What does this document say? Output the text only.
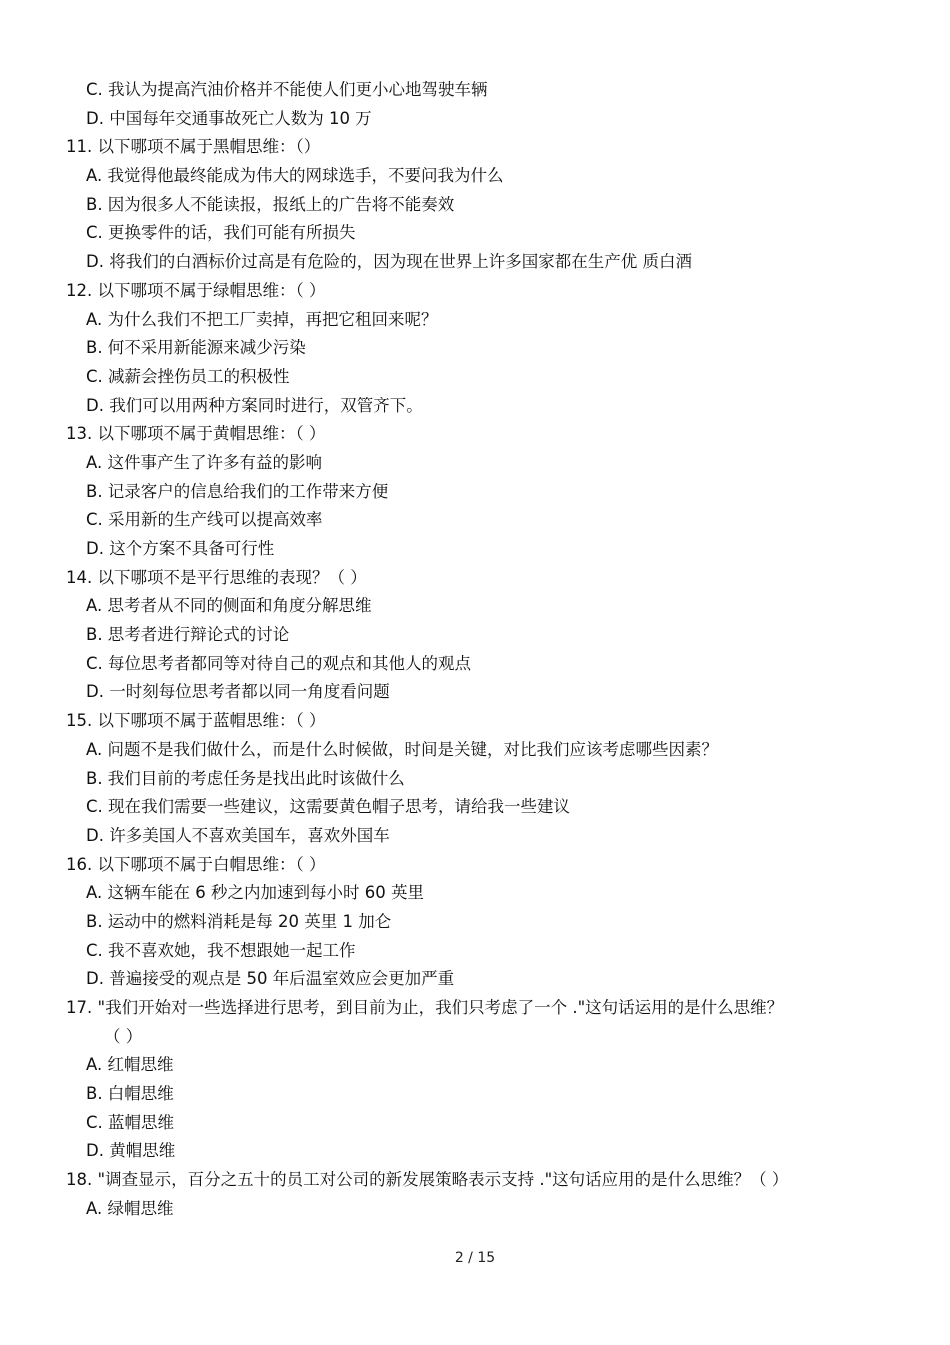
C. 我认为提高汽油价格并不能使人们更小心地驾驶车辆
D. 中国每年交通事故死亡人数为 10 万
11. 以下哪项不属于黑帽思维：（）
A. 我觉得他最终能成为伟大的网球选手，不要问我为什么
B. 因为很多人不能读报，报纸上的广告将不能奏效
C. 更换零件的话，我们可能有所损失
D. 将我们的白酒标价过高是有危险的，因为现在世界上许多国家都在生产优 质白酒
12. 以下哪项不属于绿帽思维：（ ）
A. 为什么我们不把工厂卖掉，再把它租回来呢？
B. 何不采用新能源来减少污染
C. 减薪会挫伤员工的积极性
D. 我们可以用两种方案同时进行，双管齐下。
13. 以下哪项不属于黄帽思维：（ ）
A. 这件事产生了许多有益的影响
B. 记录客户的信息给我们的工作带来方便
C. 采用新的生产线可以提高效率
D. 这个方案不具备可行性
14. 以下哪项不是平行思维的表现？（ ）
A. 思考者从不同的侧面和角度分解思维
B. 思考者进行辩论式的讨论
C. 每位思考者都同等对待自己的观点和其他人的观点
D. 一时刻每位思考者都以同一角度看问题
15. 以下哪项不属于蓝帽思维：（ ）
A. 问题不是我们做什么，而是什么时候做，时间是关键，对比我们应该考虑哪些因素？
B. 我们目前的考虑任务是找出此时该做什么
C. 现在我们需要一些建议，这需要黄色帽子思考，请给我一些建议
D. 许多美国人不喜欢美国车，喜欢外国车
16. 以下哪项不属于白帽思维：（ ）
A. 这辆车能在 6 秒之内加速到每小时 60 英里
B. 运动中的燃料消耗是每 20 英里 1 加仑
C. 我不喜欢她，我不想跟她一起工作
D. 普遍接受的观点是 50 年后温室效应会更加严重
17. "我们开始对一些选择进行思考，到目前为止，我们只考虑了一个 ."这句话运用的是什么思维？
（ ）
A. 红帽思维
B. 白帽思维
C. 蓝帽思维
D. 黄帽思维
18. "调查显示，百分之五十的员工对公司的新发展策略表示支持 ."这句话应用的是什么思维？（ ）
A. 绿帽思维
2 / 15
